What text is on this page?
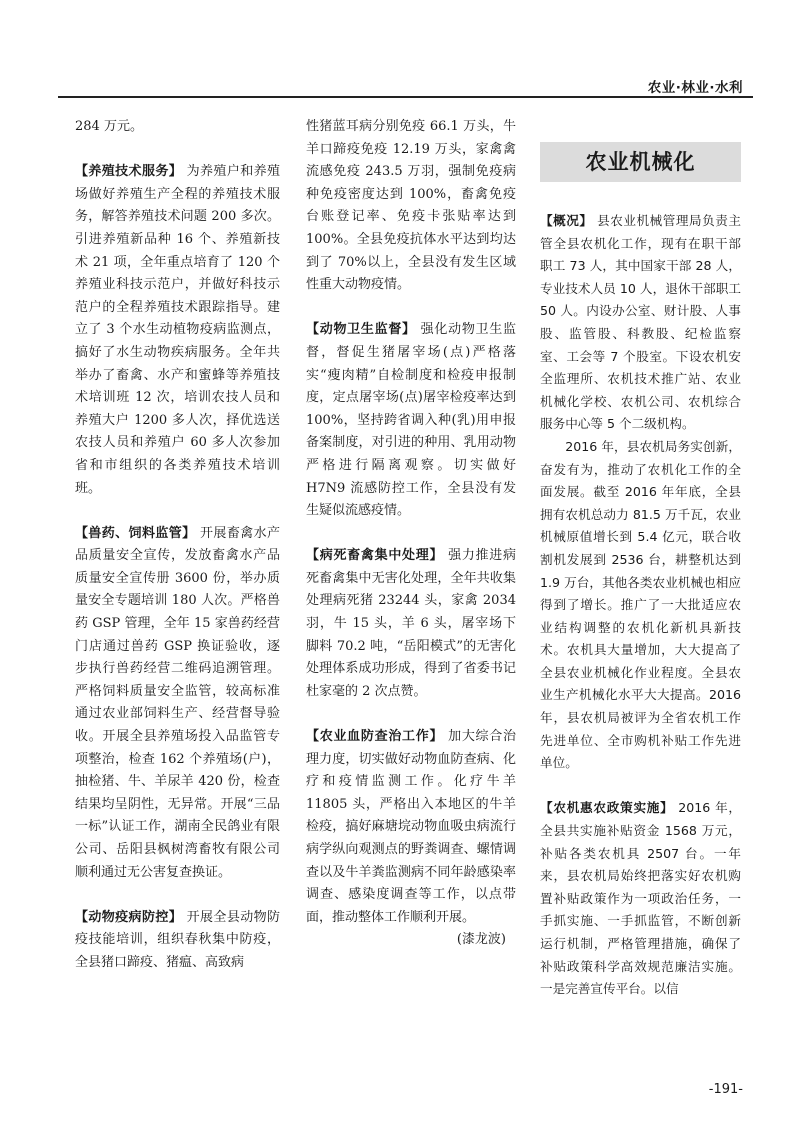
农业·林业·水利

284 万元。

【养殖技术服务】 为养殖户和养殖场做好养殖生产全程的养殖技术服务，解答养殖技术问题 200 多次。引进养殖新品种 16 个、养殖新技术 21 项，全年重点培育了 120 个养殖业科技示范户，并做好科技示范户的全程养殖技术跟踪指导。建立了 3 个水生动植物疫病监测点，搞好了水生动物疾病服务。全年共举办了畜禽、水产和蜜蜂等养殖技术培训班 12 次，培训农技人员和养殖大户 1200 多人次，择优选送农技人员和养殖户 60 多人次参加省和市组织的各类养殖技术培训班。

【兽药、饲料监管】 开展畜禽水产品质量安全宣传，发放畜禽水产品质量安全宣传册 3600 份，举办质量安全专题培训 180 人次。严格兽药 GSP 管理，全年 15 家兽药经营门店通过兽药 GSP 换证验收，逐步执行兽药经营二维码追溯管理。严格饲料质量安全监管，较高标准通过农业部饲料生产、经营督导验收。开展全县养殖场投入品监管专项整治，检查 162 个养殖场(户)，抽检猪、牛、羊尿羊 420 份，检查结果均呈阴性，无异常。开展“三品一标”认证工作，湖南全民鸽业有限公司、岳阳县枫树湾畜牧有限公司顺利通过无公害复查换证。

【动物疫病防控】 开展全县动物防疫技能培训，组织春秋集中防疫，全县猪口蹄疫、猪瘟、高致病

性猪蓝耳病分别免疫 66.1 万头，牛羊口蹄疫免疫 12.19 万头，家禽禽流感免疫 243.5 万羽，强制免疫病种免疫密度达到 100%，畜禽免疫台账登记率、免疫卡张贴率达到 100%。全县免疫抗体水平达到均达到了 70%以上，全县没有发生区域性重大动物疫情。

【动物卫生监督】 强化动物卫生监督，督促生猪屠宰场(点)严格落实“瘦肉精”自检制度和检疫申报制度，定点屠宰场(点)屠宰检疫率达到 100%，坚持跨省调入种(乳)用申报备案制度，对引进的种用、乳用动物严格进行隔离观察。切实做好 H7N9 流感防控工作，全县没有发生疑似流感疫情。

【病死畜禽集中处理】 强力推进病死畜禽集中无害化处理，全年共收集处理病死猪 23244 头，家禽 2034 羽，牛 15 头，羊 6 头，屠宰场下脚料 70.2 吨，“岳阳模式”的无害化处理体系成功形成，得到了省委书记杜家毫的 2 次点赞。

【农业血防查治工作】 加大综合治理力度，切实做好动物血防查病、化疗和疫情监测工作。化疗牛羊 11805 头，严格出入本地区的牛羊检疫，搞好麻塘垸动物血吸虫病流行病学纵向观测点的野粪调查、螺情调查以及牛羊粪监测病不同年龄感染率调查、感染度调查等工作，以点带面，推动整体工作顺利开展。

(漆龙波)

农业机械化

【概况】 县农业机械管理局负责主管全县农机化工作，现有在职干部职工 73 人，其中国家干部 28 人，专业技术人员 10 人，退休干部职工 50 人。内设办公室、财计股、人事股、监管股、科教股、纪检监察室、工会等 7 个股室。下设农机安全监理所、农机技术推广站、农业机械化学校、农机公司、农机综合服务中心等 5 个二级机构。

2016 年，县农机局务实创新，奋发有为，推动了农机化工作的全面发展。截至 2016 年年底，全县拥有农机总动力 81.5 万千瓦，农业机械原值增长到 5.4 亿元，联合收割机发展到 2536 台，耕整机达到 1.9 万台，其他各类农业机械也相应得到了增长。推广了一大批适应农业结构调整的农机化新机具新技术。农机具大量增加，大大提高了全县农业机械化作业程度。全县农业生产机械化水平大大提高。2016 年，县农机局被评为全省农机工作先进单位、全市购机补贴工作先进单位。

【农机惠农政策实施】 2016 年，全县共实施补贴资金 1568 万元，补贴各类农机具 2507 台。一年来，县农机局始终把落实好农机购置补贴政策作为一项政治任务，一手抓实施、一手抓监管，不断创新运行机制，严格管理措施，确保了补贴政策科学高效规范廉洁实施。一是完善宣传平台。以信

-191-
